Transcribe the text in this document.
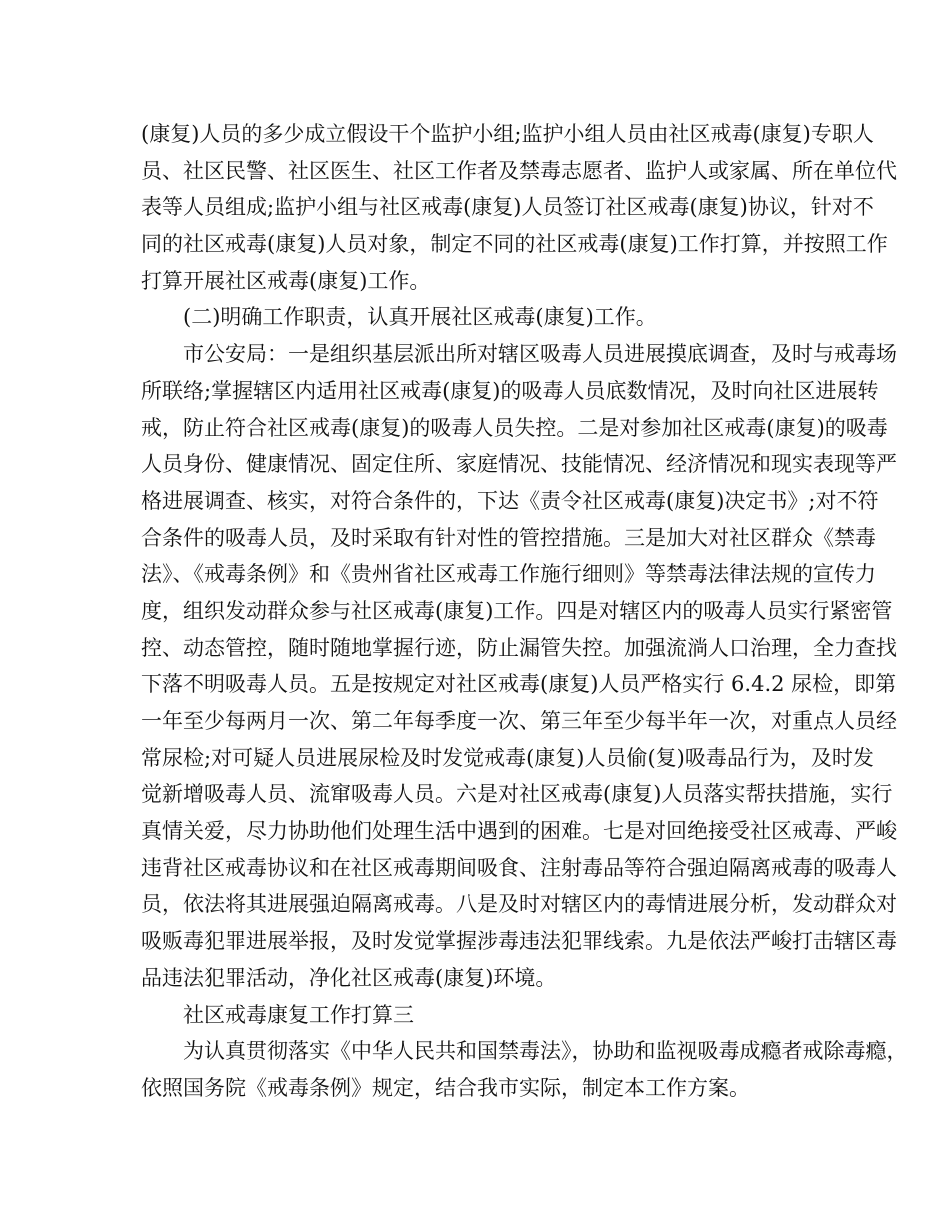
(康复)人员的多少成立假设干个监护小组;监护小组人员由社区戒毒(康复)专职人
员、社区民警、社区医生、社区工作者及禁毒志愿者、监护人或家属、所在单位代
表等人员组成;监护小组与社区戒毒(康复)人员签订社区戒毒(康复)协议，针对不
同的社区戒毒(康复)人员对象，制定不同的社区戒毒(康复)工作打算，并按照工作
打算开展社区戒毒(康复)工作。
(二)明确工作职责，认真开展社区戒毒(康复)工作。
市公安局：一是组织基层派出所对辖区吸毒人员进展摸底调查，及时与戒毒场
所联络;掌握辖区内适用社区戒毒(康复)的吸毒人员底数情况，及时向社区进展转
戒，防止符合社区戒毒(康复)的吸毒人员失控。二是对参加社区戒毒(康复)的吸毒
人员身份、健康情况、固定住所、家庭情况、技能情况、经济情况和现实表现等严
格进展调查、核实，对符合条件的，下达《责令社区戒毒(康复)决定书》;对不符
合条件的吸毒人员，及时采取有针对性的管控措施。三是加大对社区群众《禁毒
法》、《戒毒条例》和《贵州省社区戒毒工作施行细则》等禁毒法律法规的宣传力
度，组织发动群众参与社区戒毒(康复)工作。四是对辖区内的吸毒人员实行紧密管
控、动态管控，随时随地掌握行迹，防止漏管失控。加强流淌人口治理，全力查找
下落不明吸毒人员。五是按规定对社区戒毒(康复)人员严格实行 6.4.2 尿检，即第
一年至少每两月一次、第二年每季度一次、第三年至少每半年一次，对重点人员经
常尿检;对可疑人员进展尿检及时发觉戒毒(康复)人员偷(复)吸毒品行为，及时发
觉新增吸毒人员、流窜吸毒人员。六是对社区戒毒(康复)人员落实帮扶措施，实行
真情关爱，尽力协助他们处理生活中遇到的困难。七是对回绝接受社区戒毒、严峻
违背社区戒毒协议和在社区戒毒期间吸食、注射毒品等符合强迫隔离戒毒的吸毒人
员，依法将其进展强迫隔离戒毒。八是及时对辖区内的毒情进展分析，发动群众对
吸贩毒犯罪进展举报，及时发觉掌握涉毒违法犯罪线索。九是依法严峻打击辖区毒
品违法犯罪活动，净化社区戒毒(康复)环境。
社区戒毒康复工作打算三
为认真贯彻落实《中华人民共和国禁毒法》，协助和监视吸毒成瘾者戒除毒瘾，
依照国务院《戒毒条例》规定，结合我市实际，制定本工作方案。
